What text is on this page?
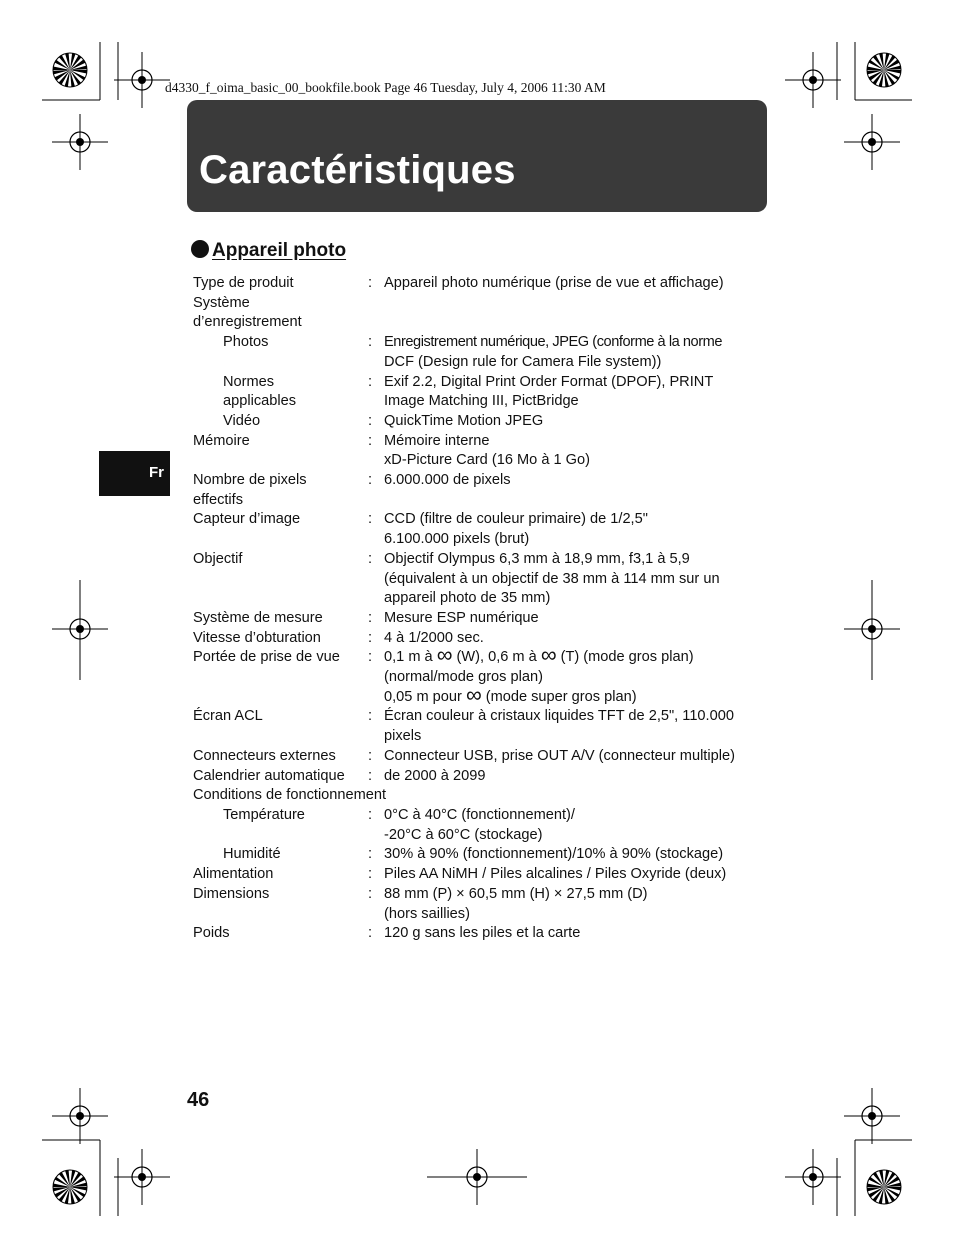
d4330_f_oima_basic_00_bookfile.book Page 46 Tuesday, July 4, 2006 11:30 AM
Caractéristiques
Appareil photo
Fr
Type de produit	: Appareil photo numérique (prise de vue et affichage)
Système
d’enregistrement
Photos	: Enregistrement numérique, JPEG (conforme à la norme
DCF (Design rule for Camera File system))
Normes	: Exif 2.2, Digital Print Order Format (DPOF), PRINT
applicables	Image Matching III, PictBridge
Vidéo	: QuickTime Motion JPEG
Mémoire	: Mémoire interne
xD-Picture Card (16 Mo à 1 Go)
Nombre de pixels	: 6.000.000 de pixels
effectifs
Capteur d’image	: CCD (filtre de couleur primaire) de 1/2,5"
6.100.000 pixels (brut)
Objectif	: Objectif Olympus 6,3 mm à 18,9 mm, f3,1 à 5,9
(équivalent à un objectif de 38 mm à 114 mm sur un
appareil photo de 35 mm)
Système de mesure	: Mesure ESP numérique
Vitesse d’obturation	: 4 à 1/2000 sec.
Portée de prise de vue	: 0,1 m à ∞ (W), 0,6 m à ∞ (T) (mode gros plan)
(normal/mode gros plan)
0,05 m pour ∞ (mode super gros plan)
Écran ACL	: Écran couleur à cristaux liquides TFT de 2,5", 110.000
pixels
Connecteurs externes	: Connecteur USB, prise OUT A/V (connecteur multiple)
Calendrier automatique	: de 2000 à 2099
Conditions de fonctionnement
Température	: 0°C à 40°C (fonctionnement)/
-20°C à 60°C (stockage)
Humidité	: 30% à 90% (fonctionnement)/10% à 90% (stockage)
Alimentation	: Piles AA NiMH / Piles alcalines / Piles Oxyride (deux)
Dimensions	: 88 mm (P) × 60,5 mm (H) × 27,5 mm (D)
(hors saillies)
Poids	: 120 g sans les piles et la carte
46
